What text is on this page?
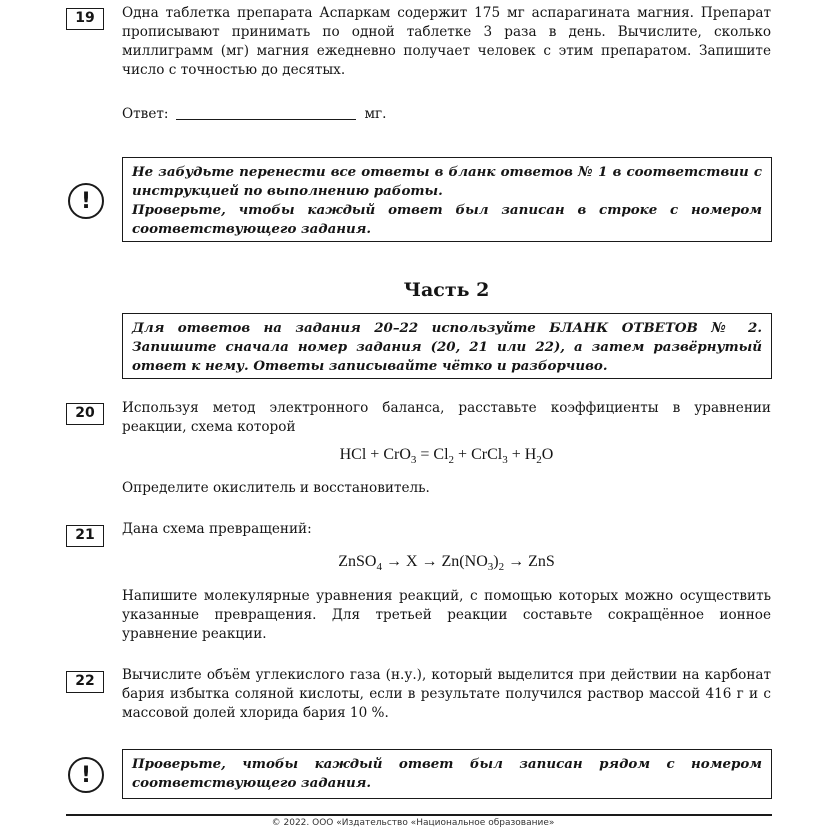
19	Одна таблетка препарата Аспаркам содержит 175 мг аспарагината магния. Препарат прописывают принимать по одной таблетке 3 раза в день. Вычислите, сколько миллиграмм (мг) магния ежедневно получает человек с этим препаратом. Запишите число с точностью до десятых.

Ответ:	мг.
!

Не забудьте перенести все ответы в бланк ответов № 1 в соответствии с инструкцией по выполнению работы.

Проверьте, чтобы каждый ответ был записан в строке с номером соответствующего задания.

Часть 2

Для ответов на задания 20–22 используйте БЛАНК ОТВЕТОВ № 2. Запишите сначала номер задания (20, 21 или 22), а затем развёрнутый ответ к нему. Ответы записывайте чётко и разборчиво.

20	Используя метод электронного баланса, расставьте коэффициенты в уравнении реакции, схема которой

HCl + $CrO_3 = Cl_2$ + CrCl$_3$ + $H_2O$

Определите окислитель и восстановитель.

21	Дана схема превращений:

ZnSO$_4$ → $X \to Zn(NO_3)_2$ → ZnS

Напишите молекулярные уравнения реакций, с помощью которых можно осуществить указанные превращения. Для третьей реакции составьте сокращённое ионное уравнение реакции.

22	Вычислите объём углекислого газа (н.у.), который выделится при действии на карбонат бария избытка соляной кислоты, если в результате получился раствор массой 416 г и с массовой долей хлорида бария 10 %.

!	Проверьте, чтобы каждый ответ был записан рядом с номером соответствующего задания.

© 2022. ООО «Издательство «Национальное образование»
